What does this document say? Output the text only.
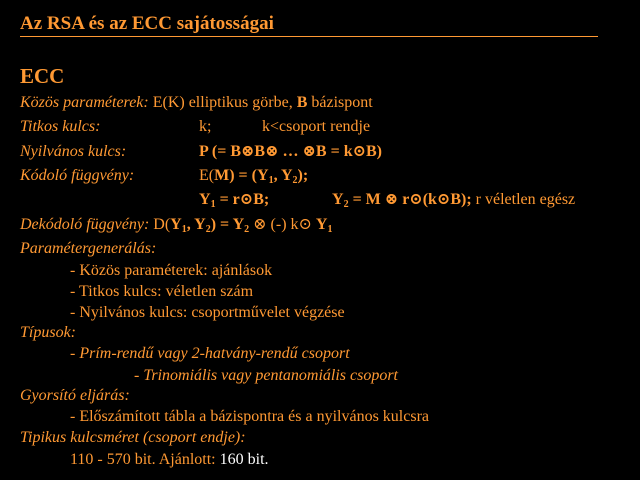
Az RSA és az ECC sajátosságai
ECC
Közös paraméterek: E(K) elliptikus görbe, B bázispont
Titkos kulcs:	k;	k<csoport rendje
Nyilvános kulcs:	P (= B⊗B⊗ … ⊗B = k⊙B)
Kódoló függvény:	$E(M) = (Y_1$, $Y_2$);
$Y_1$ = r⊙B;	$Y_2 = M$ ⊗ r⊙(k⊙B); r véletlen egész
Dekódoló függvény: $D(Y_1$, $Y_2) = Y_2$ ⊗ (-) k⊙ $Y_1$
Paramétergenerálás:
- Közös paraméterek: ajánlások
- Titkos kulcs: véletlen szám
- Nyilvános kulcs: csoportművelet végzése
Típusok:
- Prím-rendű vagy 2-hatvány-rendű csoport
- Trinomiális vagy pentanomiális csoport
Gyorsító eljárás:
- Előszámított tábla a bázispontra és a nyilvános kulcsra
Tipikus kulcsméret (csoport endje):
110 - 570 bit. Ajánlott: 160 bit.
